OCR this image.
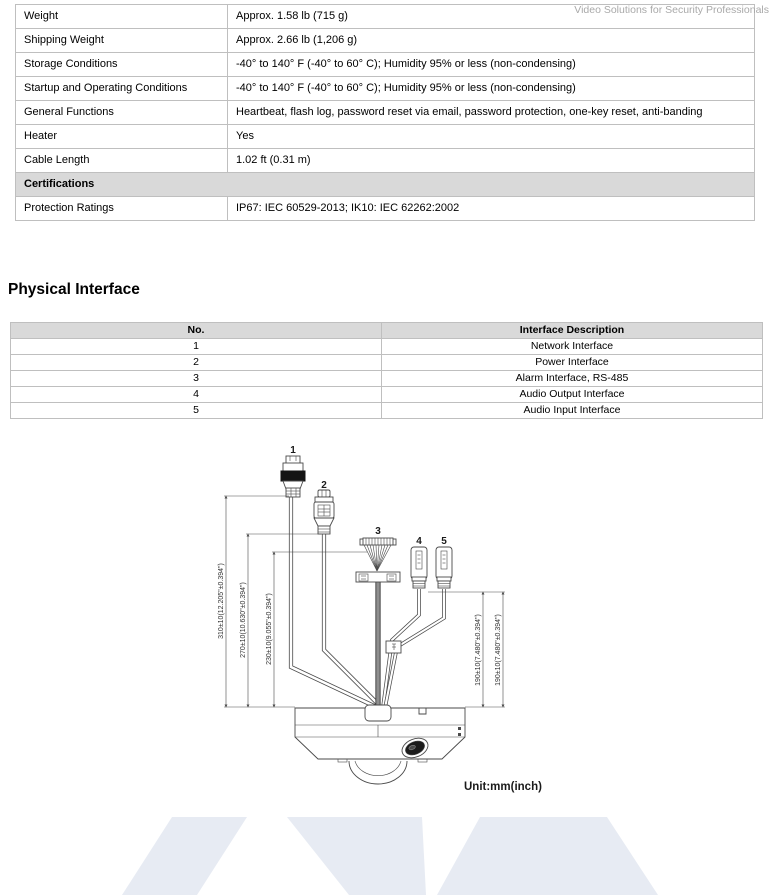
Video Solutions for Security Professionals
Weight	Approx. 1.58 lb (715 g)
Shipping Weight	Approx. 2.66 lb (1,206 g)
Storage Conditions	-40° to 140° F (-40° to 60° C); Humidity 95% or less (non-condensing)
Startup and Operating Conditions	-40° to 140° F (-40° to 60° C); Humidity 95% or less (non-condensing)
General Functions	Heartbeat, flash log, password reset via email, password protection, one-key reset, anti-banding
Heater	Yes
Cable Length	1.02 ft (0.31 m)
Certifications	
Protection Ratings	IP67: IEC 60529-2013; IK10: IEC 62262:2002
Physical Interface
No.	Interface Description
1	Network Interface
2	Power Interface
3	Alarm Interface, RS-485
4	Audio Output Interface
5	Audio Input Interface
1
2
3
4 5
310±10(12.205"±0.394") 270±10(10.630"±0.394")	230±10(9.055"±0.394")	190±10(7.480"±0.394") 190±10(7.480"±0.394")
Unit:mm(inch)
